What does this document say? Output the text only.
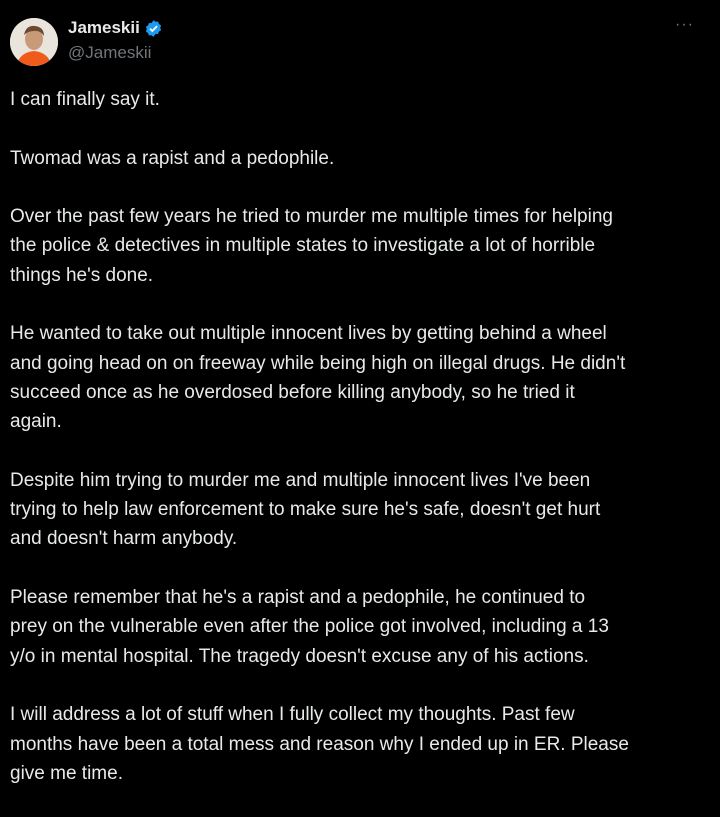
Jameskii
@Jameskii
···
I can finally say it.
Twomad was a rapist and a pedophile.
Over the past few years he tried to murder me multiple times for helping
the police & detectives in multiple states to investigate a lot of horrible
things he's done.
He wanted to take out multiple innocent lives by getting behind a wheel
and going head on on freeway while being high on illegal drugs. He didn't
succeed once as he overdosed before killing anybody, so he tried it
again.
Despite him trying to murder me and multiple innocent lives I've been
trying to help law enforcement to make sure he's safe, doesn't get hurt
and doesn't harm anybody.
Please remember that he's a rapist and a pedophile, he continued to
prey on the vulnerable even after the police got involved, including a 13
y/o in mental hospital. The tragedy doesn't excuse any of his actions.
I will address a lot of stuff when I fully collect my thoughts. Past few
months have been a total mess and reason why I ended up in ER. Please
give me time.
